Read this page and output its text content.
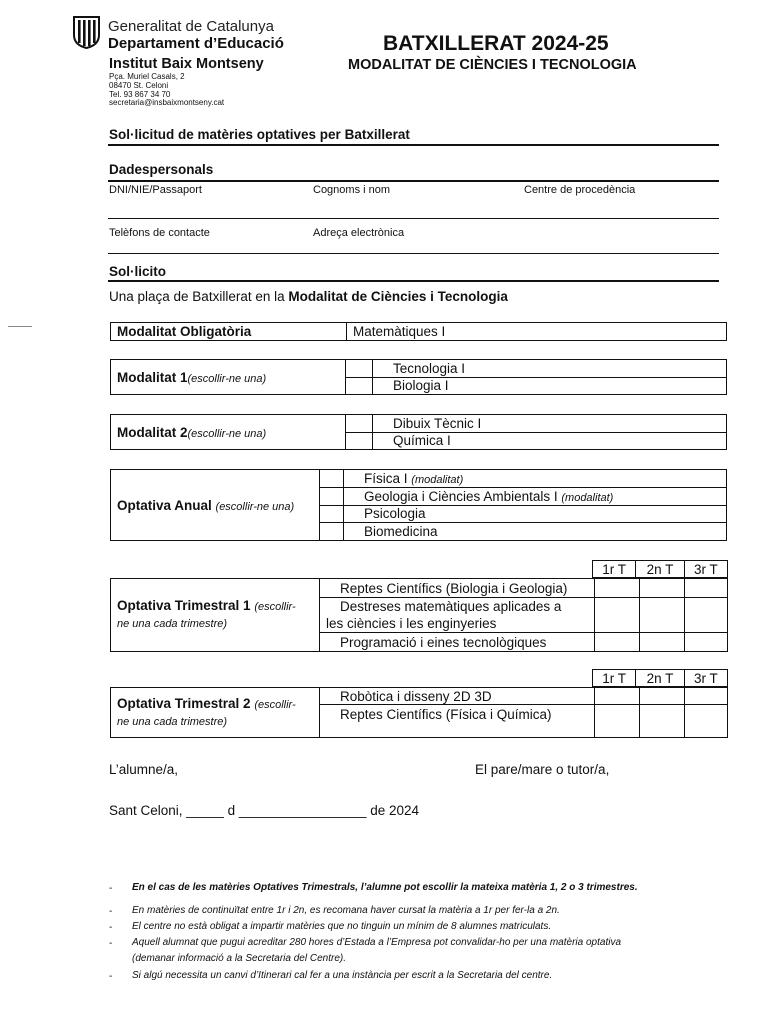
Generalitat de Catalunya
Departament d’Educació
Institut Baix Montseny
Pça. Muriel Casals, 2
08470 St. Celoni
Tel. 93 867 34 70
secretaria@insbaixmontseny.cat
BATXILLERAT 2024-25
MODALITAT DE CIÈNCIES I TECNOLOGIA
Sol·licitud de matèries optatives per Batxillerat
Dadespersonals
DNI/NIE/Passaport	Cognoms i nom	Centre de procedència
Telèfons de contacte	Adreça electrònica
Sol·licito
Una plaça de Batxillerat en la Modalitat de Ciències i Tecnologia
Modalitat Obligatòria	Matemàtiques I
Modalitat 1(escollir-ne una)		Tecnologia I
		Biologia I
Modalitat 2(escollir-ne una)		Dibuix Tècnic I
		Química I
Optativa Anual (escollir-ne una)		Física I (modalitat)
		Geologia i Ciències Ambientals I (modalitat)
		Psicologia
		Biomedicina
1r T	2n T	3r T
Optativa Trimestral 1 (escollir-
ne una cada trimestre)	Reptes Científics (Biologia i Geologia)			
	Destreses matemàtiques aplicades a
les ciències i les enginyeries			
	Programació i eines tecnològiques			
1r T	2n T	3r T
Optativa Trimestral 2 (escollir-
ne una cada trimestre)	Robòtica i disseny 2D 3D			
	Reptes Científics (Física i Química)			
L’alumne/a,	El pare/mare o tutor/a,
Sant Celoni, _____ d _________________ de 2024
- En el cas de les matèries Optatives Trimestrals, l’alumne pot escollir la mateixa matèria 1, 2 o 3 trimestres.
- En matèries de continuïtat entre 1r i 2n, es recomana haver cursat la matèria a 1r per fer-la a 2n.
- El centre no està obligat a impartir matèries que no tinguin un mínim de 8 alumnes matriculats.
- Aquell alumnat que pugui acreditar 280 hores d’Estada a l’Empresa pot convalidar-ho per una matèria optativa
(demanar informació a la Secretaria del Centre).
- Si algú necessita un canvi d’Itinerari cal fer a una instància per escrit a la Secretaria del centre.
